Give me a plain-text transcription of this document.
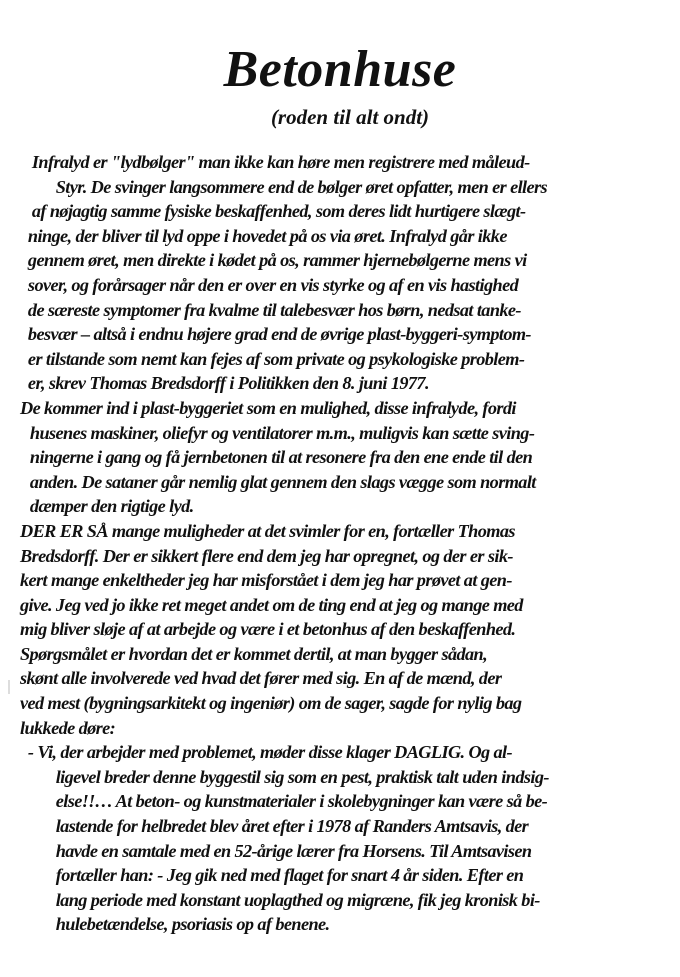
Betonhuse
(roden til alt ondt)
Infralyd er "lydbølger" man ikke kan høre men registrere med måleud-
Styr. De svinger langsommere end de bølger øret opfatter, men er ellers
af nøjagtig samme fysiske beskaffenhed, som deres lidt hurtigere slægt-
ninge, der bliver til lyd oppe i hovedet på os via øret. Infralyd går ikke
gennem øret, men direkte i kødet på os, rammer hjernebølgerne mens vi
sover, og forårsager når den er over en vis styrke og af en vis hastighed
de særeste symptomer fra kvalme til talebesvær hos børn, nedsat tanke-
besvær – altså i endnu højere grad end de øvrige plast-byggeri-symptom-
er tilstande som nemt kan fejes af som private og psykologiske problem-
er, skrev Thomas Bredsdorff i Politikken den 8. juni 1977.
De kommer ind i plast-byggeriet som en mulighed, disse infralyde, fordi
husenes maskiner, oliefyr og ventilatorer m.m., muligvis kan sætte sving-
ningerne i gang og få jernbetonen til at resonere fra den ene ende til den
anden. De sataner går nemlig glat gennem den slags vægge som normalt
dæmper den rigtige lyd.
DER ER SÅ mange muligheder at det svimler for en, fortæller Thomas
Bredsdorff. Der er sikkert flere end dem jeg har opregnet, og der er sik-
kert mange enkeltheder jeg har misforstået i dem jeg har prøvet at gen-
give. Jeg ved jo ikke ret meget andet om de ting end at jeg og mange med
mig bliver sløje af at arbejde og være i et betonhus af den beskaffenhed.
Spørgsmålet er hvordan det er kommet dertil, at man bygger sådan,
skønt alle involverede ved hvad det fører med sig. En af de mænd, der
ved mest (bygningsarkitekt og ingeniør) om de sager, sagde for nylig bag
lukkede døre:
- Vi, der arbejder med problemet, møder disse klager DAGLIG. Og al-
ligevel breder denne byggestil sig som en pest, praktisk talt uden indsig-
else!!… At beton- og kunstmaterialer i skolebygninger kan være så be-
lastende for helbredet blev året efter i 1978 af Randers Amtsavis, der
havde en samtale med en 52-årige lærer fra Horsens. Til Amtsavisen
fortæller han: - Jeg gik ned med flaget for snart 4 år siden. Efter en
lang periode med konstant uoplagthed og migræne, fik jeg kronisk bi-
hulebetændelse, psoriasis op af benene.
